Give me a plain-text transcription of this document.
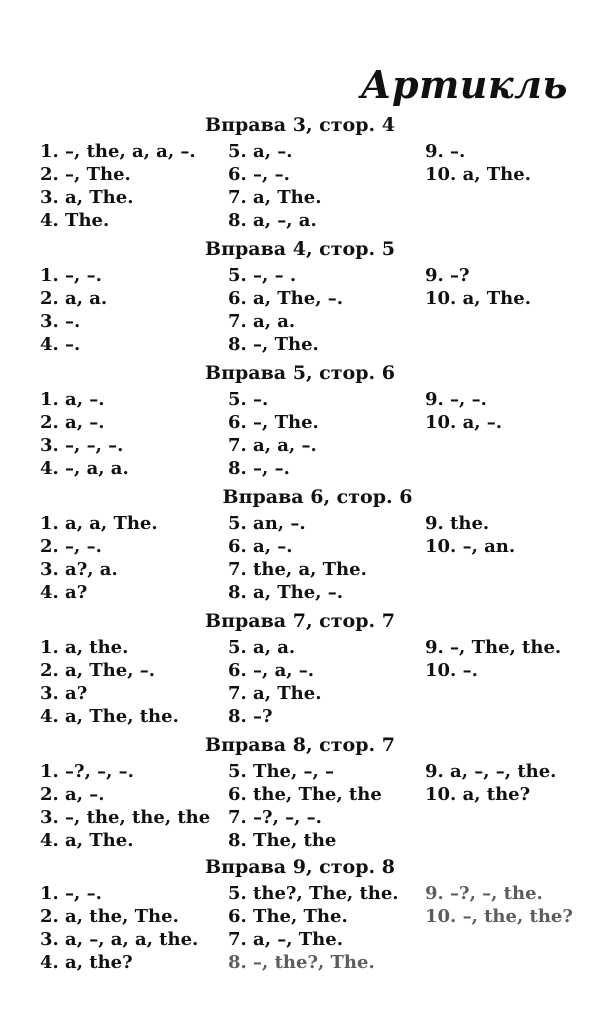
Артикль
Вправа 3, стор. 4
1. –, the, a, a, –. 5. a, –.	9. –.
2. –, The.	6. –, –.	10. a, The.
3. a, The.	7. a, The.
4. The.	8. a, –, a.
Вправа 4, стор. 5
1. –, –.	5. –, – .	9. –?
2. a, a.	6. a, The, –.	10. a, The.
3. –.	7. a, a.
4. –.	8. –, The.
Вправа 5, стор. 6
1. a, –.	5. –.	9. –, –.
2. a, –.	6. –, The.	10. a, –.
3. –, –, –.	7. a, a, –.
4. –, a, a.	8. –, –.
Вправа 6, стор. 6
1. a, a, The.	5. an, –.	9. the.
2. –, –.	6. a, –.	10. –, an.
3. a?, a.	7. the, a, The.
4. a?	8. a, The, –.
Вправа 7, стор. 7
1. a, the.	5. a, a.	9. –, The, the.
2. a, The, –.	6. –, a, –.	10. –.
3. a?	7. a, The.
4. a, The, the.	8. –?
Вправа 8, стор. 7
1. –?, –, –.	5. The, –, –	9. a, –, –, the.
2. a, –.	6. the, The, the 10. a, the?
3. –, the, the, the 7. –?, –, –.
4. a, The.	8. The, the
Вправа 9, стор. 8
1. –, –.	5. the?, The, the. 9. –?, –, the.
2. a, the, The.	6. The, The.	10. –, the, the?
3. a, –, a, a, the. 7. a, –, The.
4. a, the?	8. –, the?, The.
